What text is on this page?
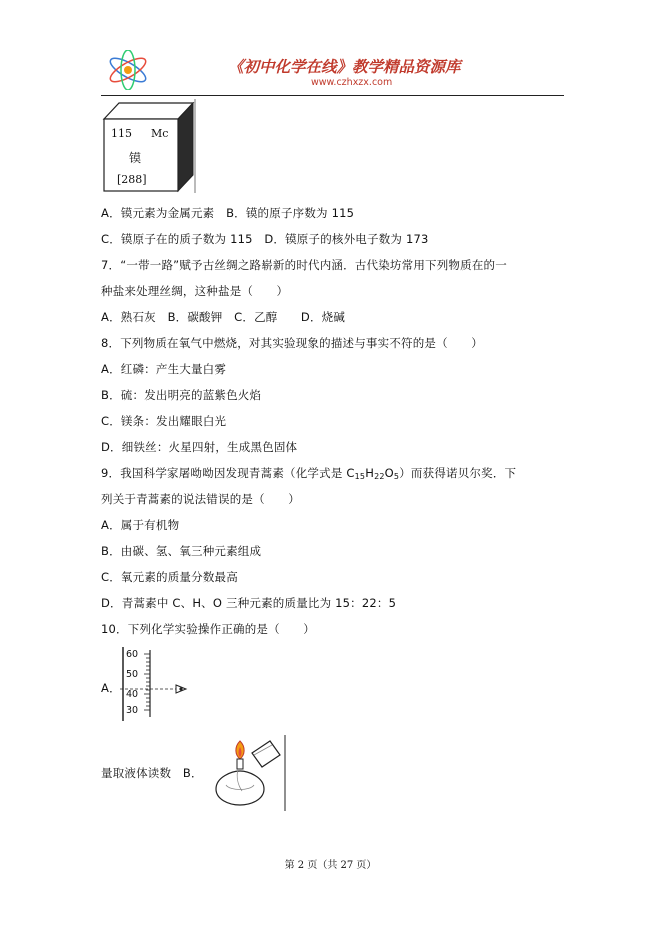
《初中化学在线》教学精品资源库
www.czhxzx.com
115 Mc
镆
[288]
A．镆元素为金属元素　B．镆的原子序数为 115
C．镆原子在的质子数为 115　D．镆原子的核外电子数为 173
7．“一带一路”赋予古丝绸之路崭新的时代内涵．古代染坊常用下列物质在的一
种盐来处理丝绸，这种盐是（　　）
A．熟石灰　B．碳酸钾　C．乙醇　　D．烧碱
8．下列物质在氧气中燃烧，对其实验现象的描述与事实不符的是（　　）
A．红磷：产生大量白雾
B．硫：发出明亮的蓝紫色火焰
C．镁条：发出耀眼白光
D．细铁丝：火星四射，生成黑色固体
9．我国科学家屠呦呦因发现青蒿素（化学式是 $C_{15}H_{22}O_5$）而获得诺贝尔奖．下
列关于青蒿素的说法错误的是（　　）
A．属于有机物
B．由碳、氢、氧三种元素组成
C．氧元素的质量分数最高
D．青蒿素中 C、H、O 三种元素的质量比为 15：22：5
10．下列化学实验操作正确的是（　　）
A．
60
50
40
30
量取液体读数　B．
第 2 页（共 27 页）
